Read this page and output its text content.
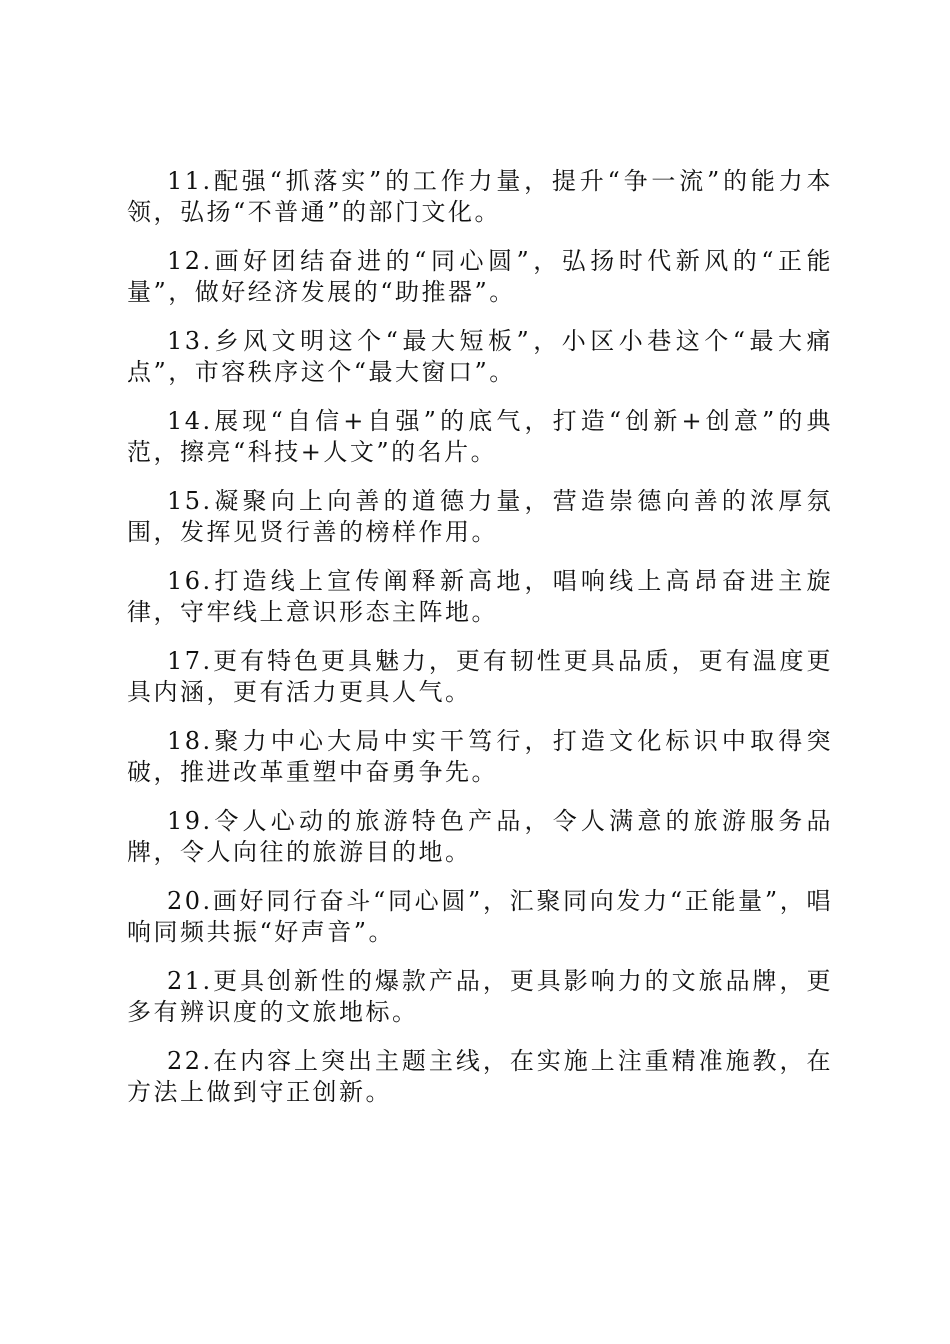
11.配强“抓落实”的工作力量，提升“争一流”的能力本领，弘扬“不普通”的部门文化。

12.画好团结奋进的“同心圆”，弘扬时代新风的“正能量”，做好经济发展的“助推器”。

13.乡风文明这个“最大短板”，小区小巷这个“最大痛点”，市容秩序这个“最大窗口”。

14.展现“自信+自强”的底气，打造“创新+创意”的典范，擦亮“科技+人文”的名片。

15.凝聚向上向善的道德力量，营造崇德向善的浓厚氛围，发挥见贤行善的榜样作用。

16.打造线上宣传阐释新高地，唱响线上高昂奋进主旋律，守牢线上意识形态主阵地。

17.更有特色更具魅力，更有韧性更具品质，更有温度更具内涵，更有活力更具人气。

18.聚力中心大局中实干笃行，打造文化标识中取得突破，推进改革重塑中奋勇争先。

19.令人心动的旅游特色产品，令人满意的旅游服务品牌，令人向往的旅游目的地。

20.画好同行奋斗“同心圆”，汇聚同向发力“正能量”，唱响同频共振“好声音”。

21.更具创新性的爆款产品，更具影响力的文旅品牌，更多有辨识度的文旅地标。

22.在内容上突出主题主线，在实施上注重精准施教，在方法上做到守正创新。
